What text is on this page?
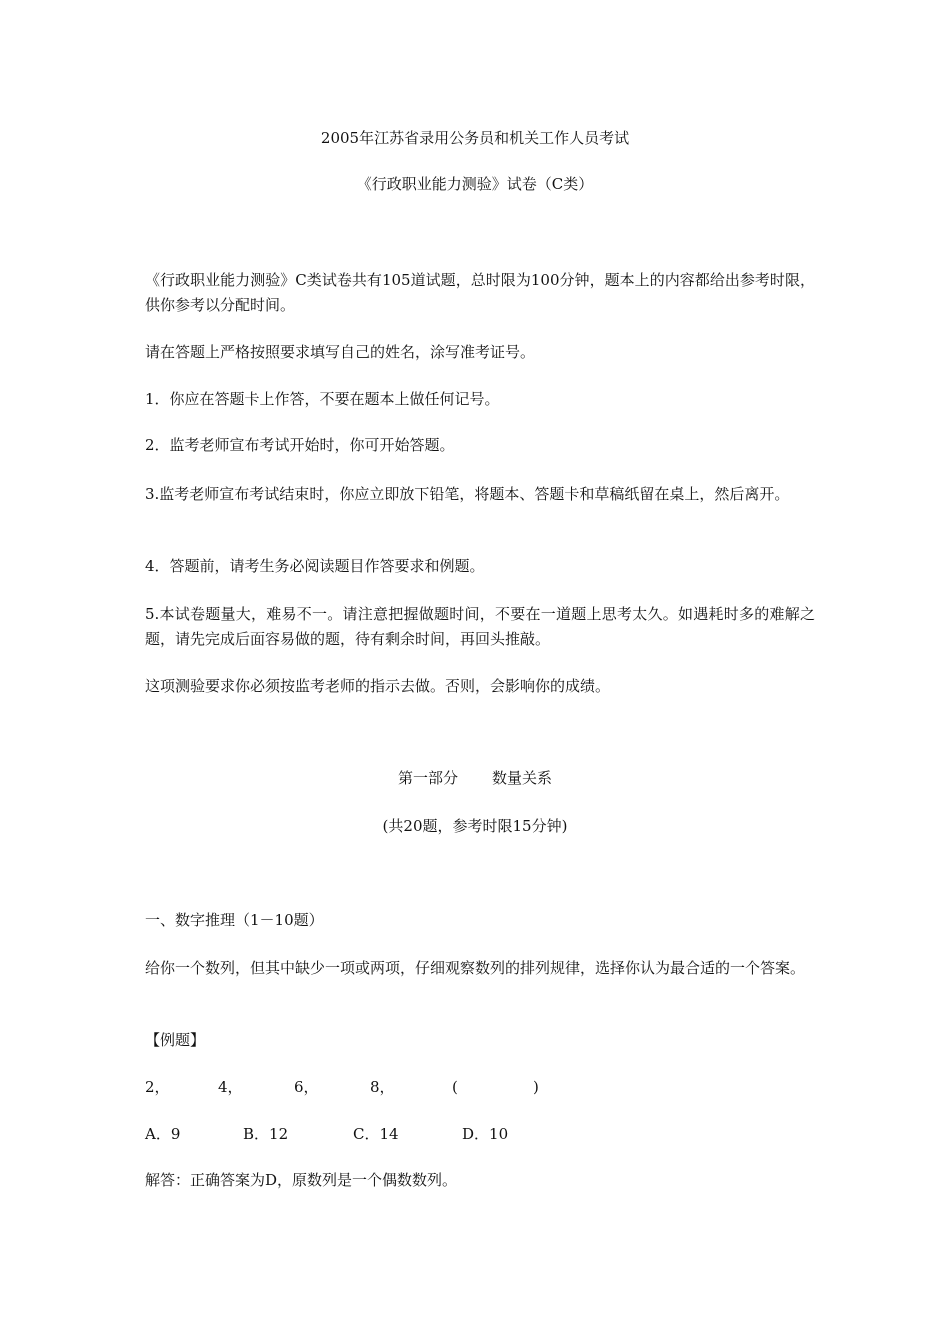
2005年江苏省录用公务员和机关工作人员考试
《行政职业能力测验》试卷（C类）
《行政职业能力测验》C类试卷共有105道试题，总时限为100分钟，题本上的内容都给出参考时限，供你参考以分配时间。
请在答题上严格按照要求填写自己的姓名，涂写准考证号。
1．你应在答题卡上作答，不要在题本上做任何记号。
2．监考老师宣布考试开始时，你可开始答题。
3.监考老师宣布考试结束时，你应立即放下铅笔，将题本、答题卡和草稿纸留在桌上，然后离开。
4．答题前，请考生务必阅读题目作答要求和例题。
5.本试卷题量大，难易不一。请注意把握做题时间，不要在一道题上思考太久。如遇耗时多的难解之题，请先完成后面容易做的题，待有剩余时间，再回头推敲。
这项测验要求你必须按监考老师的指示去做。否则，会影响你的成绩。
第一部分 数量关系
(共20题，参考时限15分钟)
一、数字推理（1－10题）
给你一个数列，但其中缺少一项或两项，仔细观察数列的排列规律，选择你认为最合适的一个答案。
【例题】
2，	4，	6，	8，	(	)
A．9	B．12	C．14	D．10
解答：正确答案为D，原数列是一个偶数数列。
